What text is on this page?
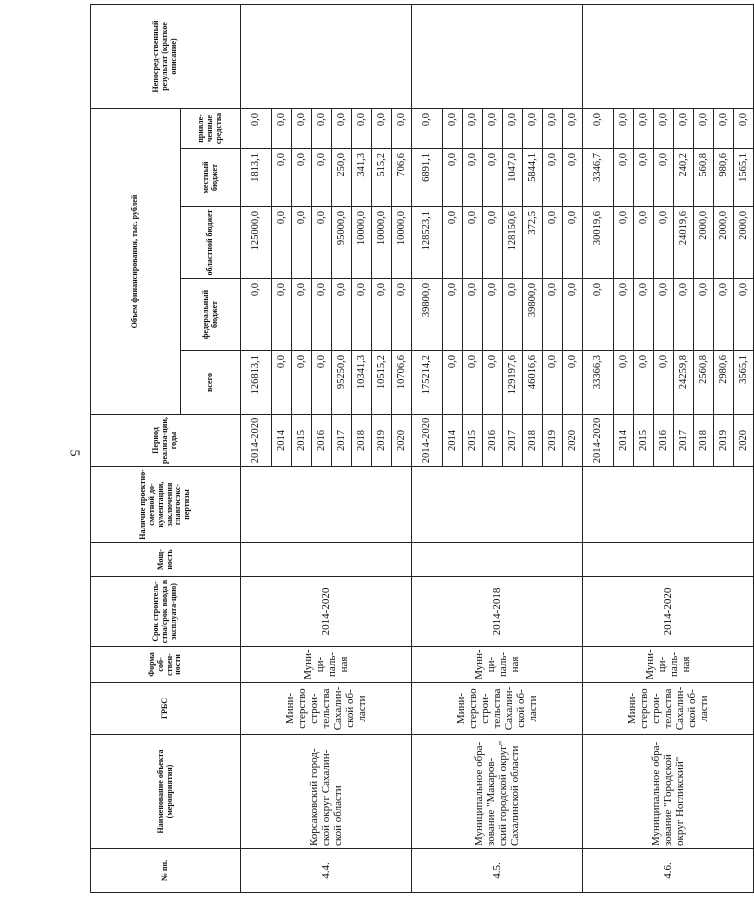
5
№ пп.	Наименование объекта (мероприятия)	ГРБС	Форма соб-ствен-ности	Срок строитель-ства/срок ввода в эксплуата-цию)	Мощ-ность	Наличие проектно-сметной до-кументации, заключения главгосэкс-пертизы	Период реализа-ции, годы	Объем финансирования, тыс. рублей					Непосред-ственный результат (краткое описание)
								всего	федеральный бюджет	областной бюджет	местный бюджет	привле-ченные средства	
4.4.	Корсаковский город-ской округ Сахалин-ской области	Мини-стерство строи-тельства Сахалин-ской об-ласти	Муни-ци-паль-ная	2014-2020			2014-2020	126813,1	0,0	125000,0	1813,1	0,0	
							2014	0,0	0,0	0,0	0,0	0,0	
							2015	0,0	0,0	0,0	0,0	0,0	
							2016	0,0	0,0	0,0	0,0	0,0	
							2017	95250,0	0,0	95000,0	250,0	0,0	
							2018	10341,3	0,0	10000,0	341,3	0,0	
							2019	10515,2	0,0	10000,0	515,2	0,0	
							2020	10706,6	0,0	10000,0	706,6	0,0	
4.5.	Муниципальное обра-зование "Макаров-ский городской округ" Сахалинской области	Мини-стерство строи-тельства Сахалин-ской об-ласти	Мунн-ци-паль-ная	2014-2018			2014-2020	175214,2	39800,0	128523,1	6891,1	0,0	
							2014	0,0	0,0	0,0	0,0	0,0	
							2015	0,0	0,0	0,0	0,0	0,0	
							2016	0,0	0,0	0,0	0,0	0,0	
							2017	129197,6	0,0	128150,6	1047,0	0,0	
							2018	46016,6	39800,0	372,5	5844,1	0,0	
							2019	0,0	0,0	0,0	0,0	0,0	
							2020	0,0	0,0	0,0	0,0	0,0	
4.6.	Муниципальное обра-зование "Городской округ Ногликский"	Мини-стерство строи-тельства Сахалин-ской об-ласти	Муни-ци-паль-ная	2014-2020			2014-2020	33366,3	0,0	30019,6	3346,7	0,0	
							2014	0,0	0,0	0,0	0,0	0,0	
							2015	0,0	0,0	0,0	0,0	0,0	
							2016	0,0	0,0	0,0	0,0	0,0	
							2017	24259,8	0,0	24019,6	240,2	0,0	
							2018	2560,8	0,0	2000,0	560,8	0,0	
							2019	2980,6	0,0	2000,0	980,6	0,0	
							2020	3565,1	0,0	2000,0	1565,1	0,0	
